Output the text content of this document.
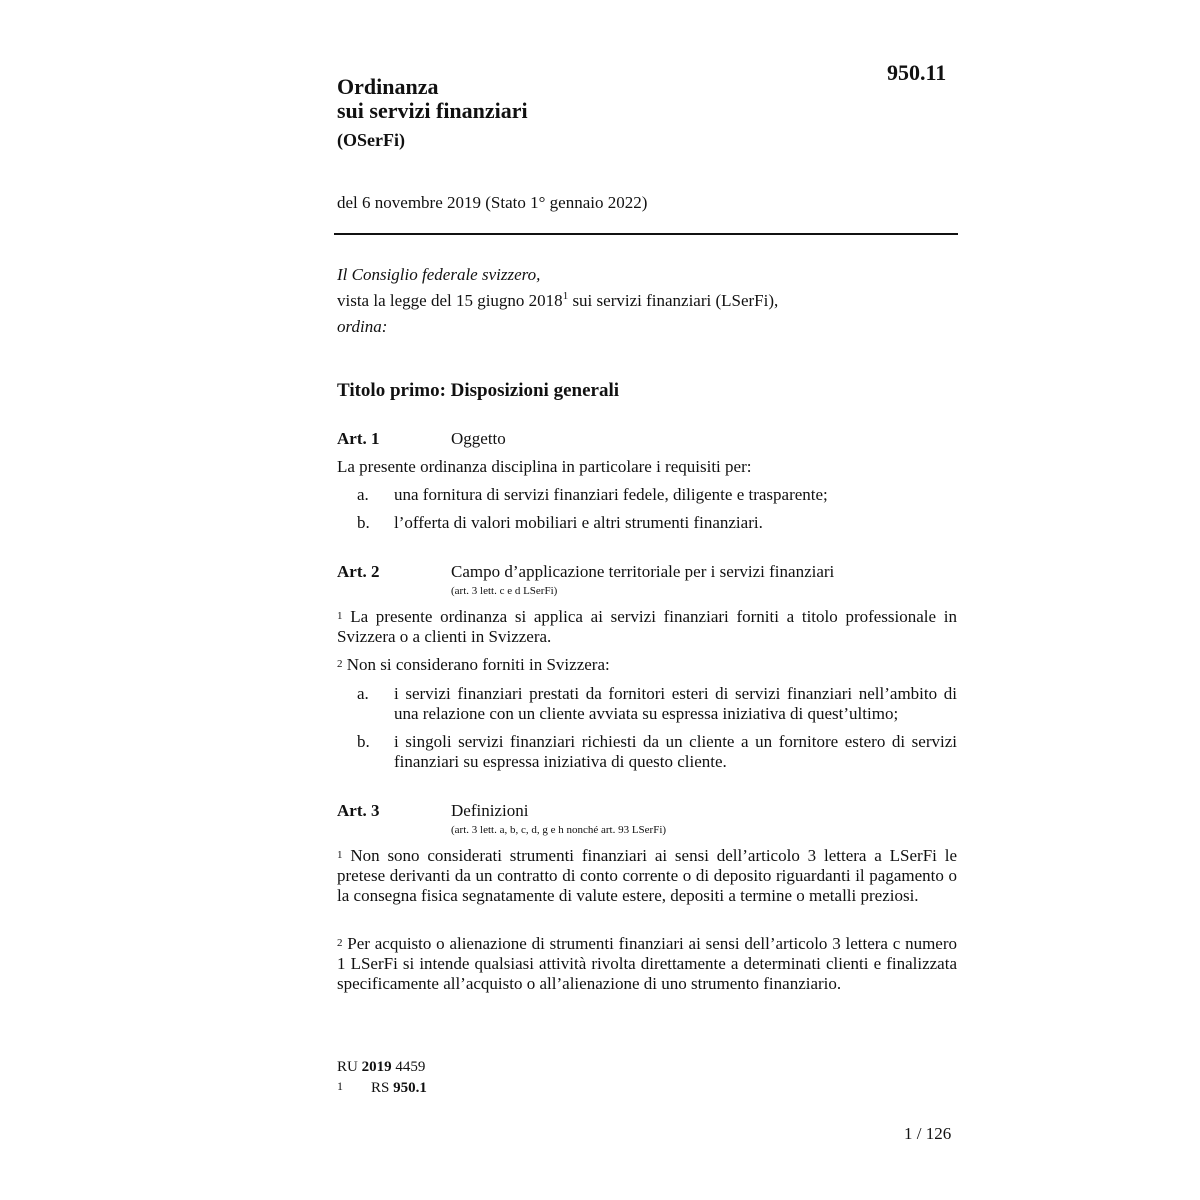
950.11
Ordinanza
sui servizi finanziari
(OSerFi)
del 6 novembre 2019 (Stato 1° gennaio 2022)
Il Consiglio federale svizzero,
vista la legge del 15 giugno 2018$^1$ sui servizi finanziari (LSerFi),
ordina:
Titolo primo: Disposizioni generali
Art. 1	Oggetto
La presente ordinanza disciplina in particolare i requisiti per:
a. una fornitura di servizi finanziari fedele, diligente e trasparente;
b. l’offerta di valori mobiliari e altri strumenti finanziari.
Art. 2	Campo d’applicazione territoriale per i servizi finanziari
(art. 3 lett. c e d LSerFi)
$^1$ La presente ordinanza si applica ai servizi finanziari forniti a titolo professionale in Svizzera o a clienti in Svizzera.
$^2$ Non si considerano forniti in Svizzera:
a. i servizi finanziari prestati da fornitori esteri di servizi finanziari nell’ambito di una relazione con un cliente avviata su espressa iniziativa di quest’ultimo;
b. i singoli servizi finanziari richiesti da un cliente a un fornitore estero di servizi finanziari su espressa iniziativa di questo cliente.
Art. 3	Definizioni
(art. 3 lett. a, b, c, d, g e h nonché art. 93 LSerFi)
$^1$ Non sono considerati strumenti finanziari ai sensi dell’articolo 3 lettera a LSerFi le pretese derivanti da un contratto di conto corrente o di deposito riguardanti il pagamento o la consegna fisica segnatamente di valute estere, depositi a termine o metalli preziosi.
$^2$ Per acquisto o alienazione di strumenti finanziari ai sensi dell’articolo 3 lettera c numero 1 LSerFi si intende qualsiasi attività rivolta direttamente a determinati clienti e finalizzata specificamente all’acquisto o all’alienazione di uno strumento finanziario.
RU 2019 4459
1 RS 950.1
1 / 126
